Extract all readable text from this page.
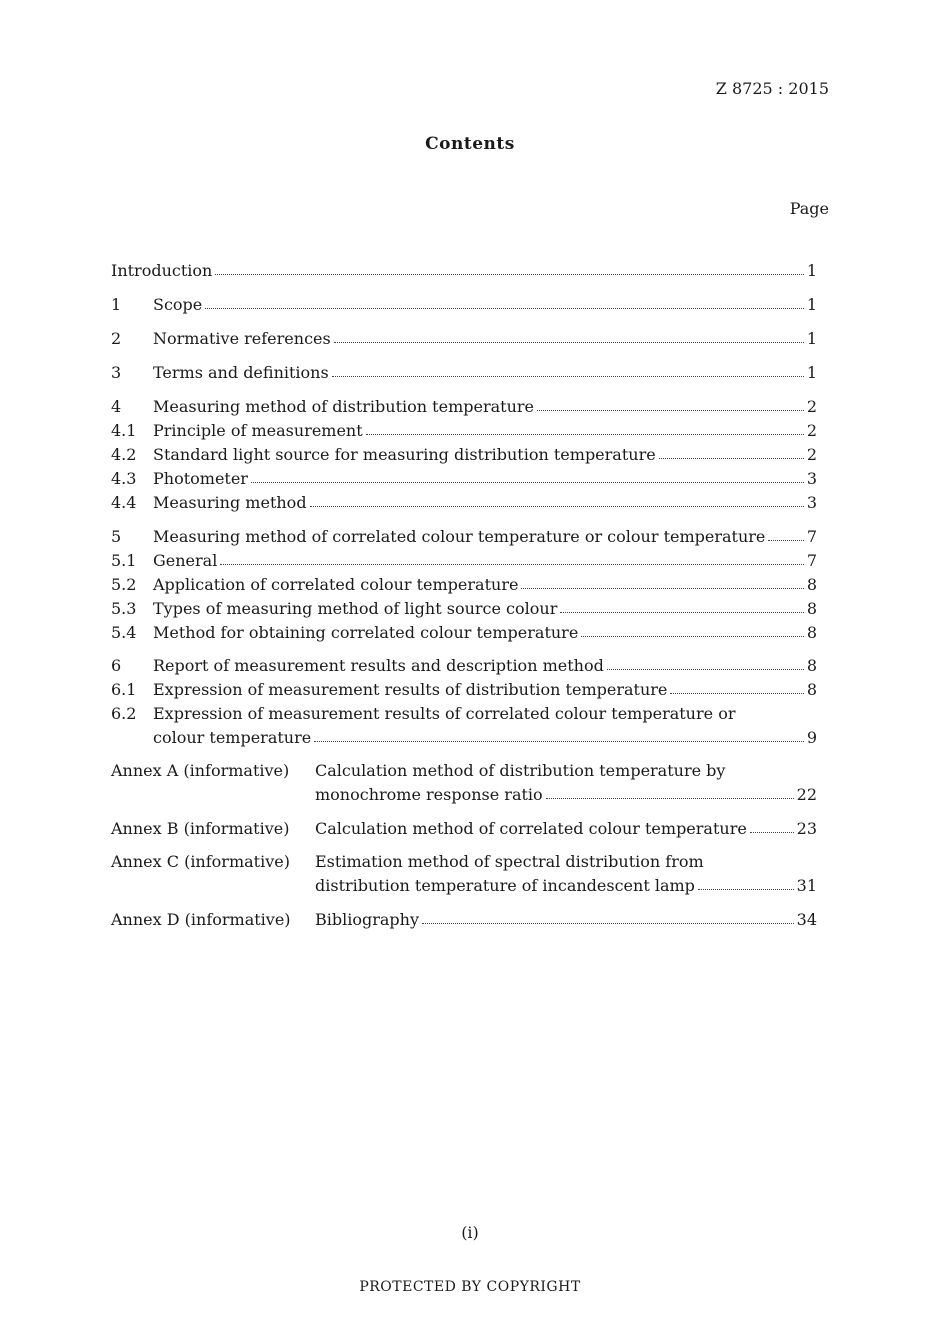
Z 8725 : 2015
Contents
Page
Introduction	1
1 Scope	1
2 Normative references	1
3 Terms and definitions	1
4 Measuring method of distribution temperature	2
4.1 Principle of measurement	2
4.2 Standard light source for measuring distribution temperature	2
4.3 Photometer	3
4.4 Measuring method	3
5 Measuring method of correlated colour temperature or colour temperature	7
5.1 General	7
5.2 Application of correlated colour temperature	8
5.3 Types of measuring method of light source colour	8
5.4 Method for obtaining correlated colour temperature	8
6 Report of measurement results and description method	8
6.1 Expression of measurement results of distribution temperature	8
6.2 Expression of measurement results of correlated colour temperature or
colour temperature	9
Annex A (informative) Calculation method of distribution temperature by
monochrome response ratio	22
Annex B (informative) Calculation method of correlated colour temperature	23
Annex C (informative) Estimation method of spectral distribution from
distribution temperature of incandescent lamp	31
Annex D (informative) Bibliography	34
(i)
PROTECTED BY COPYRIGHT
